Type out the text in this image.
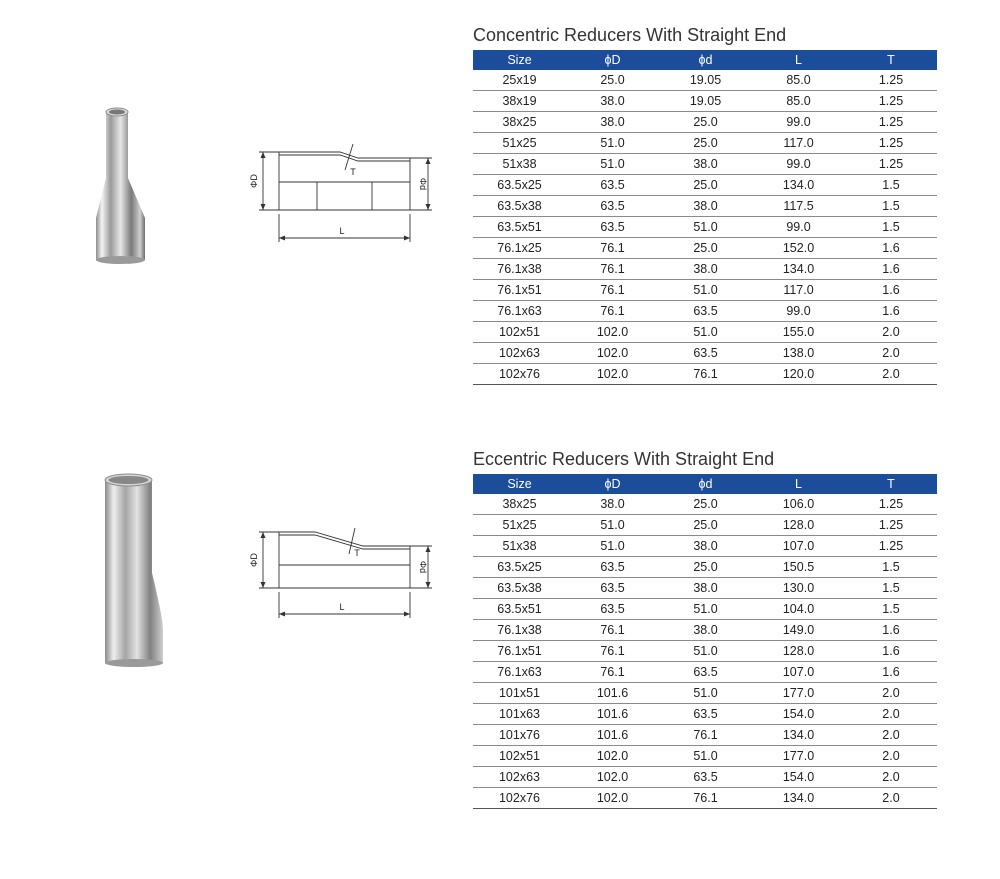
ΦD	Φd
L
T
Concentric Reducers With Straight End
Size	ϕD	ϕd	L	T
25x19	25.0	19.05	85.0	1.25
38x19	38.0	19.05	85.0	1.25
38x25	38.0	25.0	99.0	1.25
51x25	51.0	25.0	117.0	1.25
51x38	51.0	38.0	99.0	1.25
63.5x25	63.5	25.0	134.0	1.5
63.5x38	63.5	38.0	117.5	1.5
63.5x51	63.5	51.0	99.0	1.5
76.1x25	76.1	25.0	152.0	1.6
76.1x38	76.1	38.0	134.0	1.6
76.1x51	76.1	51.0	117.0	1.6
76.1x63	76.1	63.5	99.0	1.6
102x51	102.0	51.0	155.0	2.0
102x63	102.0	63.5	138.0	2.0
102x76	102.0	76.1	120.0	2.0
ΦD
Φd
L
T
Eccentric Reducers With Straight End
Size	ϕD	ϕd	L	T
38x25	38.0	25.0	106.0	1.25
51x25	51.0	25.0	128.0	1.25
51x38	51.0	38.0	107.0	1.25
63.5x25	63.5	25.0	150.5	1.5
63.5x38	63.5	38.0	130.0	1.5
63.5x51	63.5	51.0	104.0	1.5
76.1x38	76.1	38.0	149.0	1.6
76.1x51	76.1	51.0	128.0	1.6
76.1x63	76.1	63.5	107.0	1.6
101x51	101.6	51.0	177.0	2.0
101x63	101.6	63.5	154.0	2.0
101x76	101.6	76.1	134.0	2.0
102x51	102.0	51.0	177.0	2.0
102x63	102.0	63.5	154.0	2.0
102x76	102.0	76.1	134.0	2.0
